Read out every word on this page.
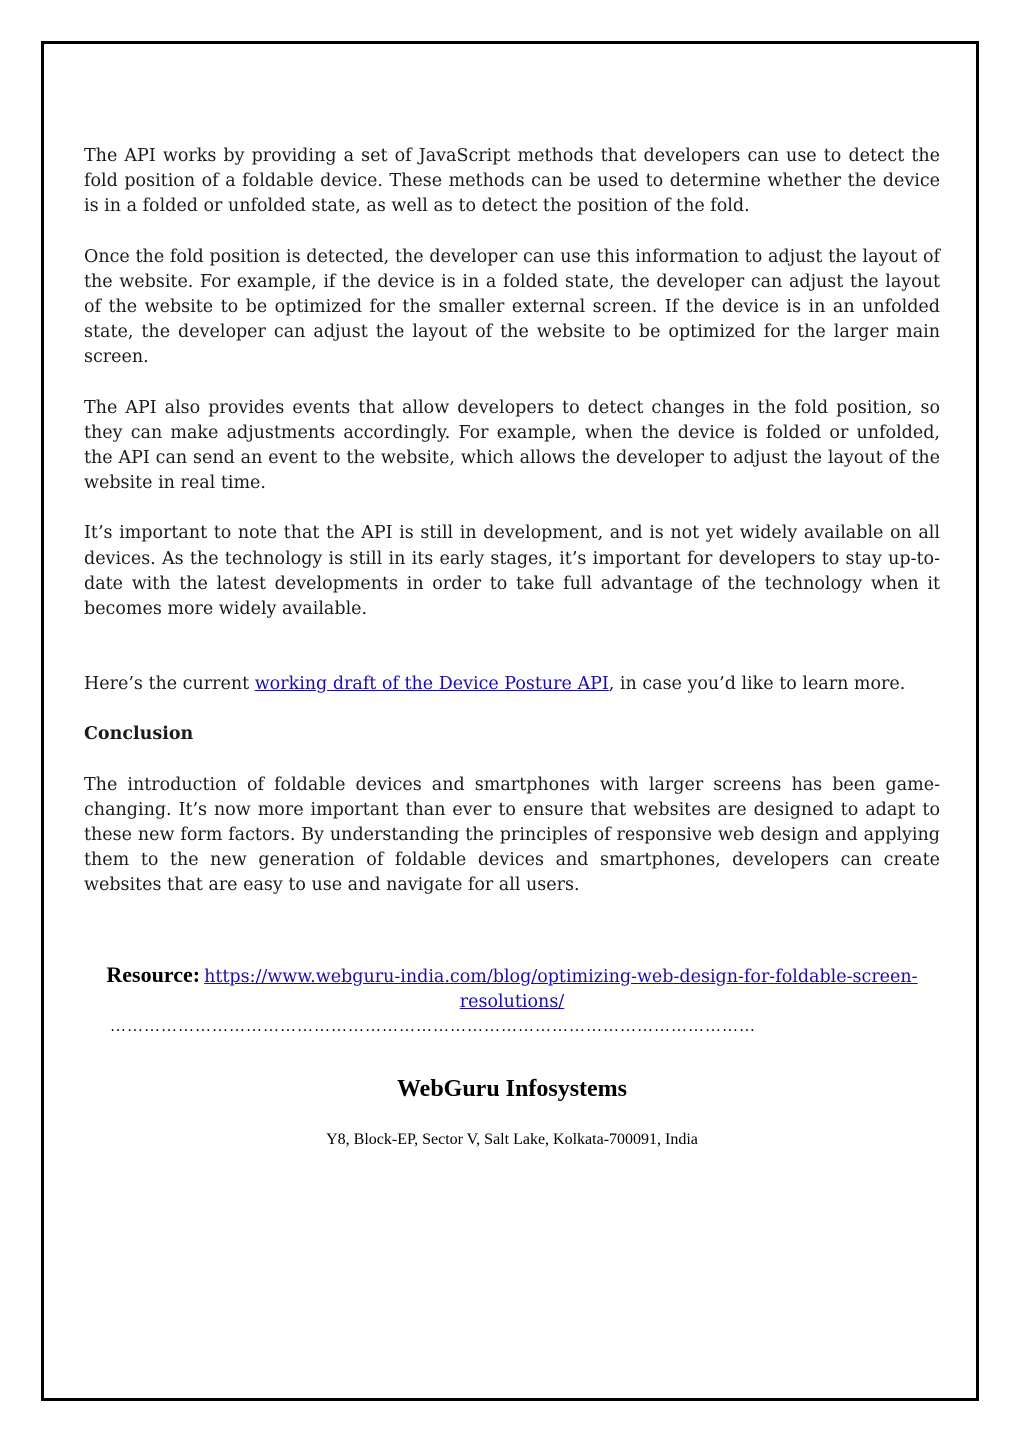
The API works by providing a set of JavaScript methods that developers can use to detect the fold position of a foldable device. These methods can be used to determine whether the device is in a folded or unfolded state, as well as to detect the position of the fold.

Once the fold position is detected, the developer can use this information to adjust the layout of the website. For example, if the device is in a folded state, the developer can adjust the layout of the website to be optimized for the smaller external screen. If the device is in an unfolded state, the developer can adjust the layout of the website to be optimized for the larger main screen.

The API also provides events that allow developers to detect changes in the fold position, so they can make adjustments accordingly. For example, when the device is folded or unfolded, the API can send an event to the website, which allows the developer to adjust the layout of the website in real time.

It’s important to note that the API is still in development, and is not yet widely available on all devices. As the technology is still in its early stages, it’s important for developers to stay up-to-date with the latest developments in order to take full advantage of the technology when it becomes more widely available.

Here’s the current working draft of the Device Posture API, in case you’d like to learn more.

Conclusion

The introduction of foldable devices and smartphones with larger screens has been game-changing. It’s now more important than ever to ensure that websites are designed to adapt to these new form factors. By understanding the principles of responsive web design and applying them to the new generation of foldable devices and smartphones, developers can create websites that are easy to use and navigate for all users.

Resource: https://www.webguru-india.com/blog/optimizing-web-design-for-foldable-screen-resolutions/
……………………………………………………………………………………………………
WebGuru Infosystems
Y8, Block-EP, Sector V, Salt Lake, Kolkata-700091, India
